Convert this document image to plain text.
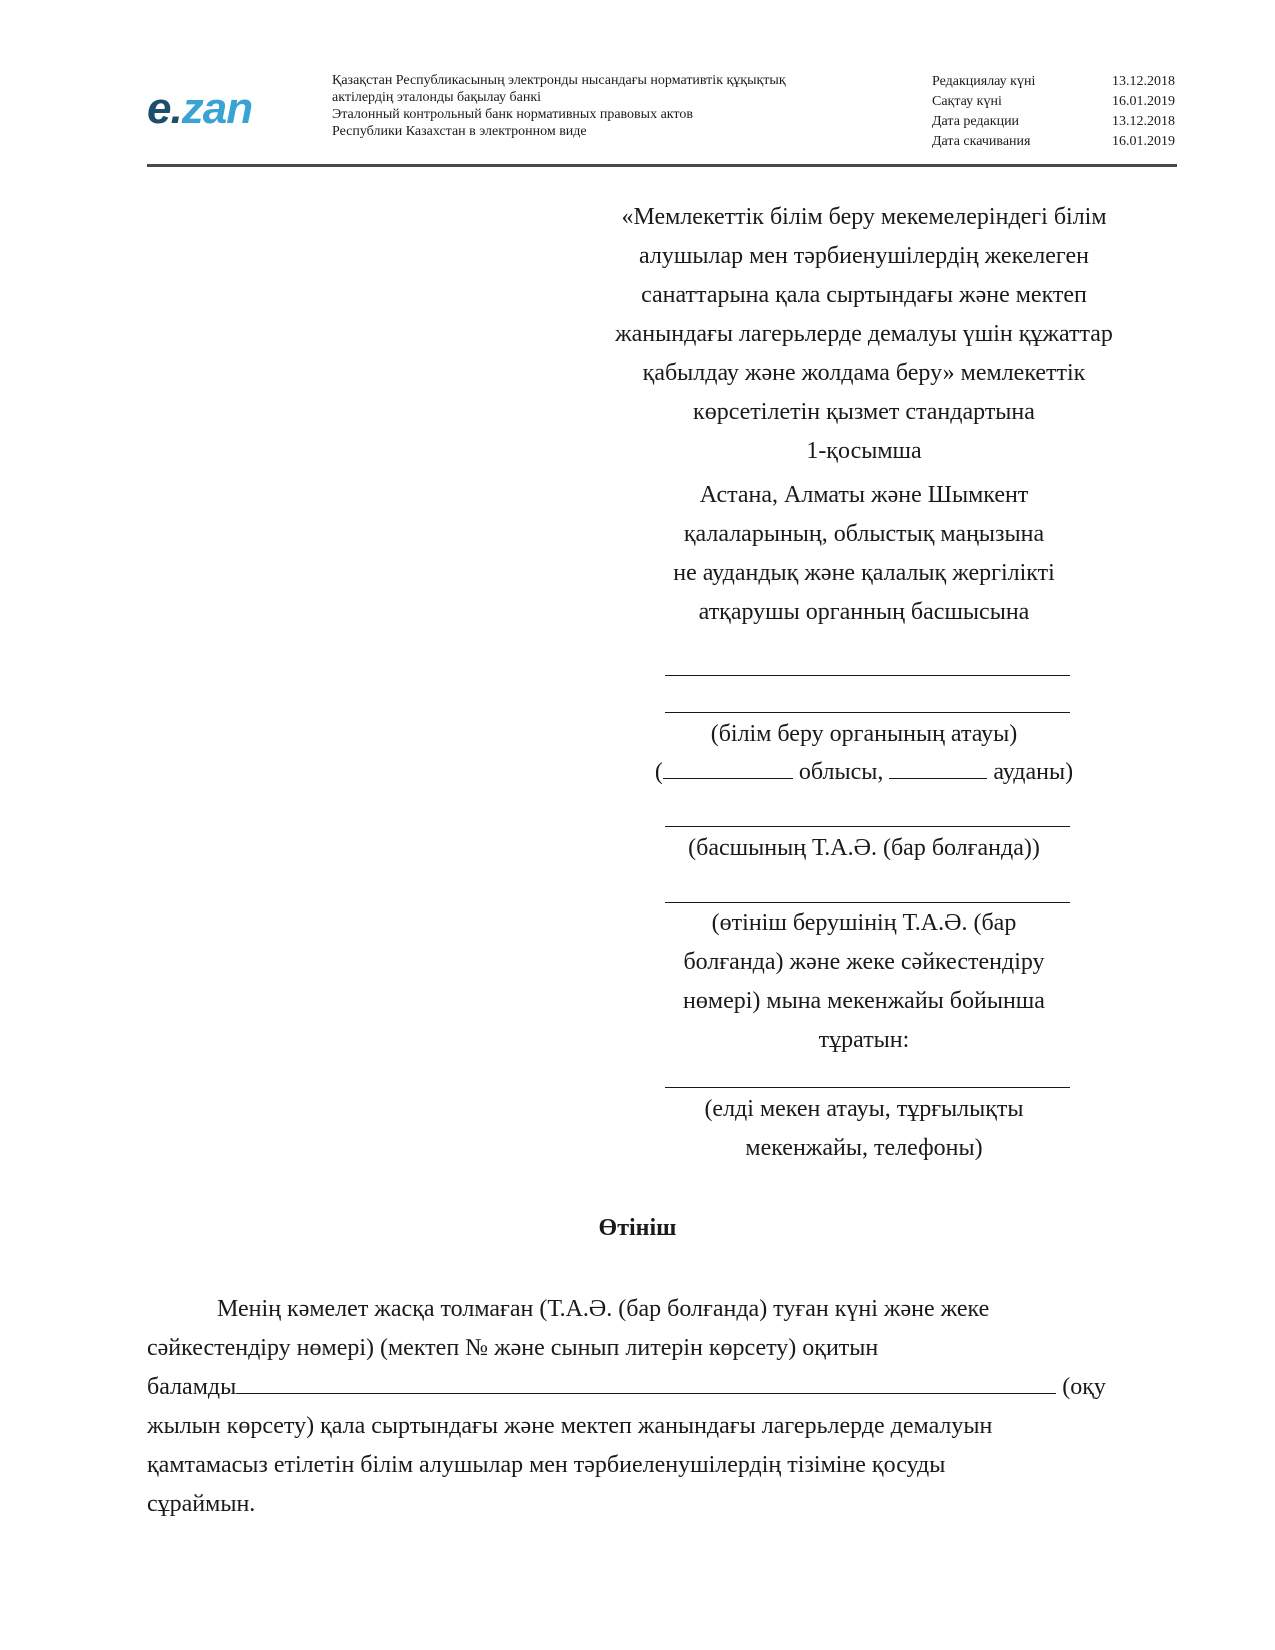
e.zan
Қазақстан Республикасының электронды нысандағы нормативтік құқықтық
актілердің эталонды бақылау банкі
Эталонный контрольный банк нормативных правовых актов
Республики Казахстан в электронном виде
Редакциялау күні	13.12.2018
Сақтау күні	16.01.2019
Дата редакции	13.12.2018
Дата скачивания	16.01.2019
«Мемлекеттік білім беру мекемелеріндегі білім
алушылар мен тәрбиенушілердің жекелеген
санаттарына қала сыртындағы және мектеп
жанындағы лагерьлерде демалуы үшін құжаттар
қабылдау және жолдама беру» мемлекеттік
көрсетілетін қызмет стандартына
1-қосымша
Астана, Алматы және Шымкент
қалаларының, облыстық маңызына
не аудандық және қалалық жергілікті
атқарушы органның басшысына
(білім беру органының атауы)
(	облысы,	ауданы)
(басшының Т.А.Ә. (бар болғанда))
(өтініш берушінің Т.А.Ә. (бар
болғанда) және жеке сәйкестендіру
нөмері) мына мекенжайы бойынша
тұратын:
(елді мекен атауы, тұрғылықты
мекенжайы, телефоны)
Өтініш
Менің кәмелет жасқа толмаған (Т.А.Ә. (бар болғанда) туған күні және жеке
сәйкестендіру нөмері) (мектеп № және сынып литерін көрсету) оқитын
баламды	(оқу
жылын көрсету) қала сыртындағы және мектеп жанындағы лагерьлерде демалуын
қамтамасыз етілетін білім алушылар мен тәрбиеленушілердің тізіміне қосуды
сұраймын.
